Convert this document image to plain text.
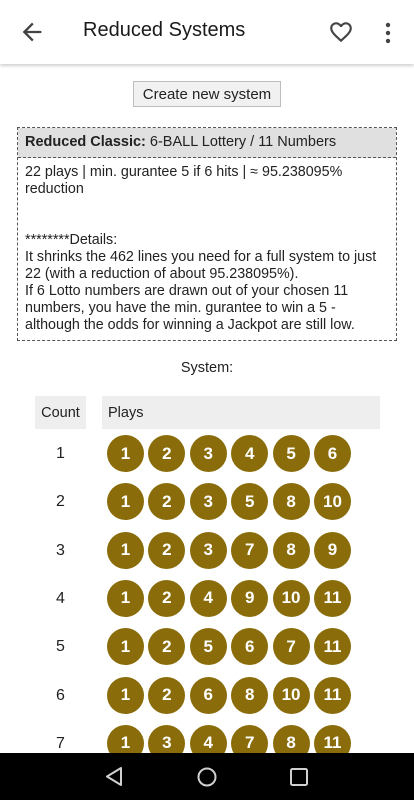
Reduced Systems
Create new system
Reduced Classic: 6-BALL Lottery / 11 Numbers
22 plays | min. gurantee 5 if 6 hits | ≈ 95.238095% reduction
********Details:
It shrinks the 462 lines you need for a full system to just 22 (with a reduction of about 95.238095%).
If 6 Lotto numbers are drawn out of your chosen 11 numbers, you have the min. gurantee to win a 5 - although the odds for winning a Jackpot are still low.
System:
Count	Plays
1	1	2	3	4	5	6
2	1	2	3	5	8	10
3	1	2	3	7	8	9
4	1	2	4	9	10	11
5	1	2	5	6	7	11
6	1	2	6	8	10	11
7	1	3	4	7	8	11
